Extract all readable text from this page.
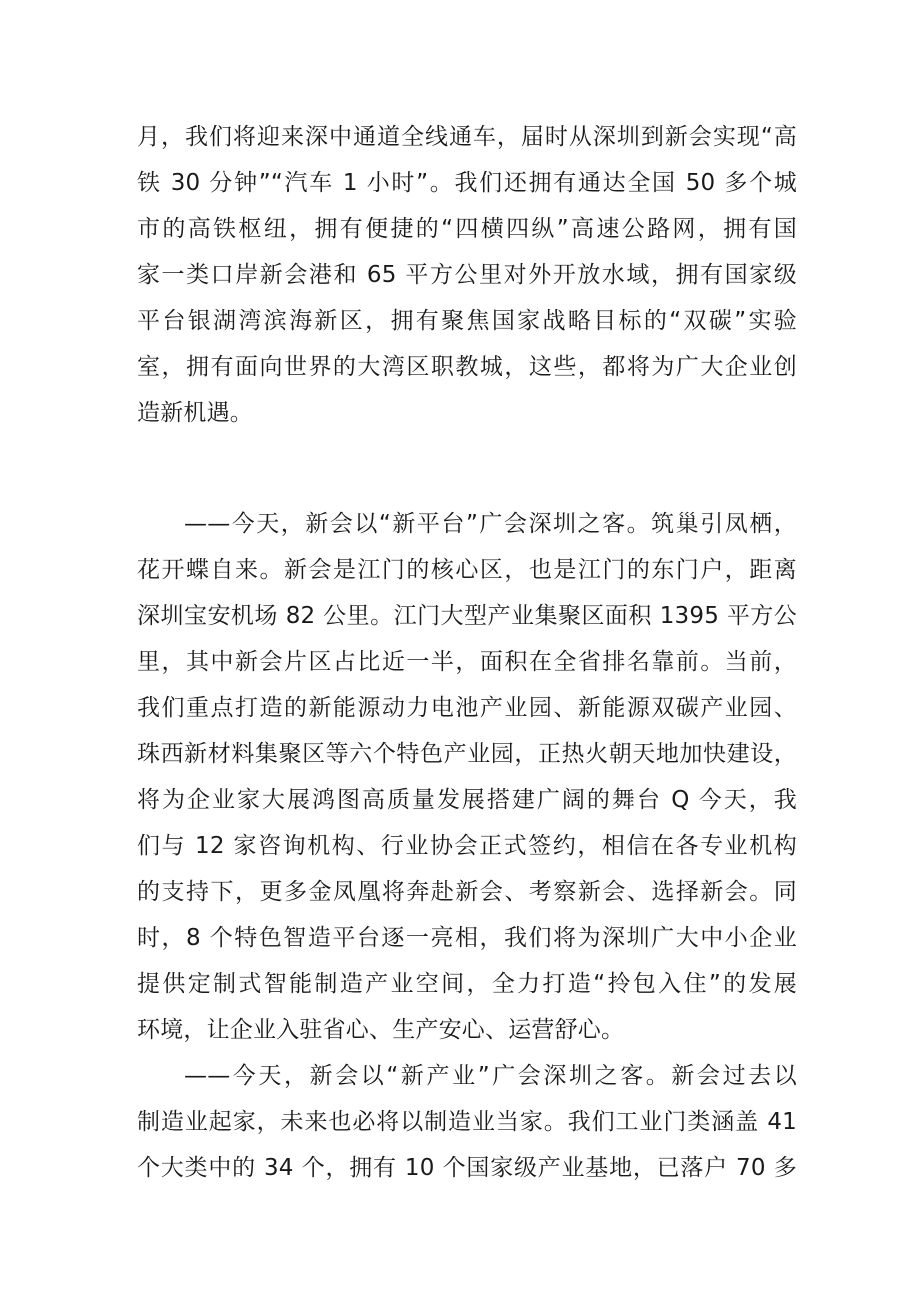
月，我们将迎来深中通道全线通车，届时从深圳到新会实现“高
铁 30 分钟”“汽车 1 小时”。我们还拥有通达全国 50 多个城
市的高铁枢纽，拥有便捷的“四横四纵”高速公路网，拥有国
家一类口岸新会港和 65 平方公里对外开放水域，拥有国家级
平台银湖湾滨海新区，拥有聚焦国家战略目标的“双碳”实验
室，拥有面向世界的大湾区职教城，这些，都将为广大企业创
造新机遇。
——今天，新会以“新平台”广会深圳之客。筑巢引凤栖，
花开蝶自来。新会是江门的核心区，也是江门的东门户，距离
深圳宝安机场 82 公里。江门大型产业集聚区面积 1395 平方公
里，其中新会片区占比近一半，面积在全省排名靠前。当前，
我们重点打造的新能源动力电池产业园、新能源双碳产业园、
珠西新材料集聚区等六个特色产业园，正热火朝天地加快建设，
将为企业家大展鸿图高质量发展搭建广阔的舞台 Q 今天，我
们与 12 家咨询机构、行业协会正式签约，相信在各专业机构
的支持下，更多金凤凰将奔赴新会、考察新会、选择新会。同
时，8 个特色智造平台逐一亮相，我们将为深圳广大中小企业
提供定制式智能制造产业空间，全力打造“拎包入住”的发展
环境，让企业入驻省心、生产安心、运营舒心。
——今天，新会以“新产业”广会深圳之客。新会过去以
制造业起家，未来也必将以制造业当家。我们工业门类涵盖 41
个大类中的 34 个，拥有 10 个国家级产业基地，已落户 70 多
